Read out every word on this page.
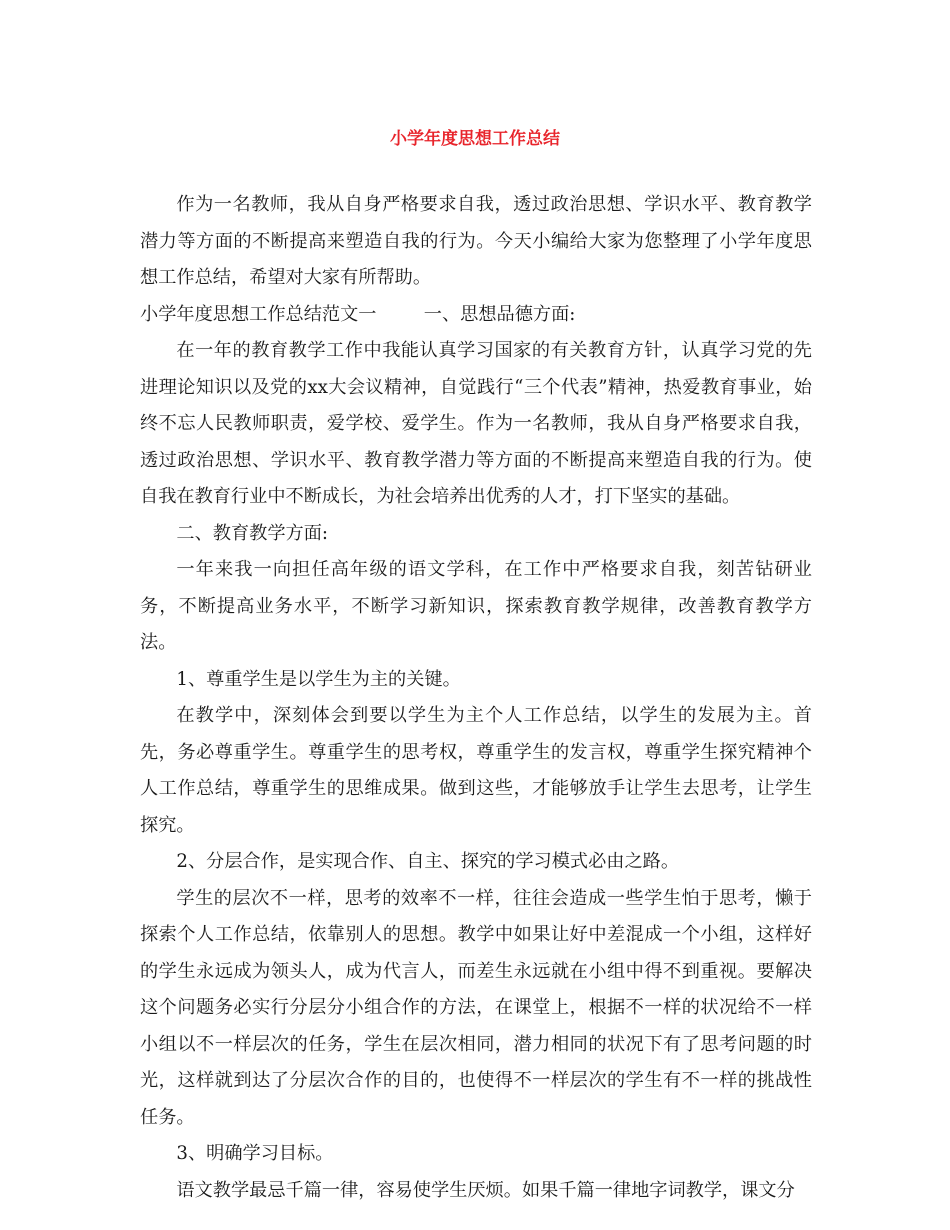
小学年度思想工作总结

作为一名教师，我从自身严格要求自我，透过政治思想、学识水平、教育教学潜力等方面的不断提高来塑造自我的行为。今天小编给大家为您整理了小学年度思想工作总结，希望对大家有所帮助。

小学年度思想工作总结范文一	一、思想品德方面:

在一年的教育教学工作中我能认真学习国家的有关教育方针，认真学习党的先进理论知识以及党的xx大会议精神，自觉践行“三个代表”精神，热爱教育事业，始终不忘人民教师职责，爱学校、爱学生。作为一名教师，我从自身严格要求自我，透过政治思想、学识水平、教育教学潜力等方面的不断提高来塑造自我的行为。使自我在教育行业中不断成长，为社会培养出优秀的人才，打下坚实的基础。

二、教育教学方面:

一年来我一向担任高年级的语文学科，在工作中严格要求自我，刻苦钻研业务，不断提高业务水平，不断学习新知识，探索教育教学规律，改善教育教学方法。

1、尊重学生是以学生为主的关键。

在教学中，深刻体会到要以学生为主个人工作总结，以学生的发展为主。首先，务必尊重学生。尊重学生的思考权，尊重学生的发言权，尊重学生探究精神个人工作总结，尊重学生的思维成果。做到这些，才能够放手让学生去思考，让学生探究。

2、分层合作，是实现合作、自主、探究的学习模式必由之路。

学生的层次不一样，思考的效率不一样，往往会造成一些学生怕于思考，懒于探索个人工作总结，依靠别人的思想。教学中如果让好中差混成一个小组，这样好的学生永远成为领头人，成为代言人，而差生永远就在小组中得不到重视。要解决这个问题务必实行分层分小组合作的方法，在课堂上，根据不一样的状况给不一样小组以不一样层次的任务，学生在层次相同，潜力相同的状况下有了思考问题的时光，这样就到达了分层次合作的目的，也使得不一样层次的学生有不一样的挑战性任务。

3、明确学习目标。

语文教学最忌千篇一律，容易使学生厌烦。如果千篇一律地字词教学，课文分
